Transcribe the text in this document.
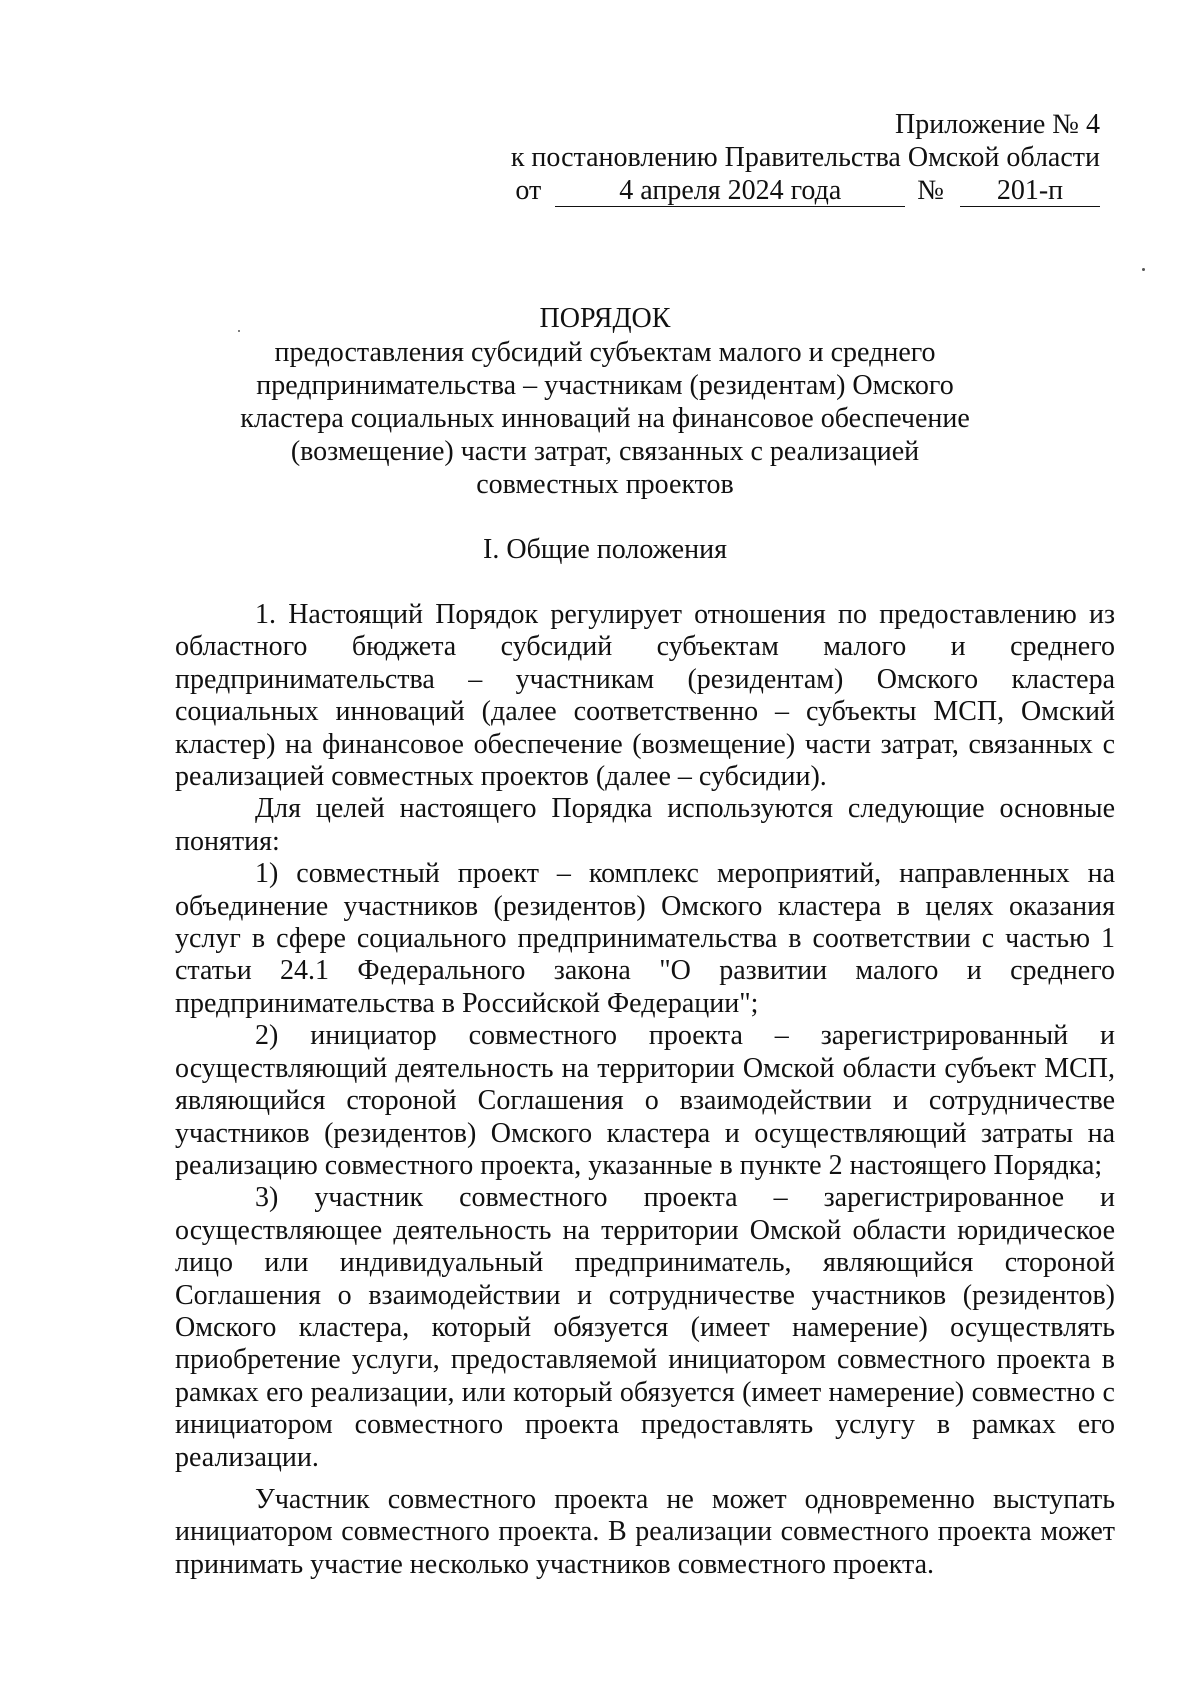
Приложение № 4
к постановлению Правительства Омской области
от	4 апреля 2024 года	№	201-п
ПОРЯДОК
предоставления субсидий субъектам малого и среднего
предпринимательства – участникам (резидентам) Омского
кластера социальных инноваций на финансовое обеспечение
(возмещение) части затрат, связанных с реализацией
совместных проектов
I. Общие положения

1. Настоящий Порядок регулирует отношения по предоставлению из областного бюджета субсидий субъектам малого и среднего предпринимательства – участникам (резидентам) Омского кластера социальных инноваций (далее соответственно – субъекты МСП, Омский кластер) на финансовое обеспечение (возмещение) части затрат, связанных с реализацией совместных проектов (далее – субсидии).

Для целей настоящего Порядка используются следующие основные понятия:

1) совместный проект – комплекс мероприятий, направленных на объединение участников (резидентов) Омского кластера в целях оказания услуг в сфере социального предпринимательства в соответствии с частью 1 статьи 24.1 Федерального закона "О развитии малого и среднего предпринимательства в Российской Федерации";

2) инициатор совместного проекта – зарегистрированный и осуществляющий деятельность на территории Омской области субъект МСП, являющийся стороной Соглашения о взаимодействии и сотрудничестве участников (резидентов) Омского кластера и осуществляющий затраты на реализацию совместного проекта, указанные в пункте 2 настоящего Порядка;

3) участник совместного проекта – зарегистрированное и осуществляющее деятельность на территории Омской области юридическое лицо или индивидуальный предприниматель, являющийся стороной Соглашения о взаимодействии и сотрудничестве участников (резидентов) Омского кластера, который обязуется (имеет намерение) осуществлять приобретение услуги, предоставляемой инициатором совместного проекта в рамках его реализации, или который обязуется (имеет намерение) совместно с инициатором совместного проекта предоставлять услугу в рамках его реализации.

Участник совместного проекта не может одновременно выступать инициатором совместного проекта. В реализации совместного проекта может принимать участие несколько участников совместного проекта.
